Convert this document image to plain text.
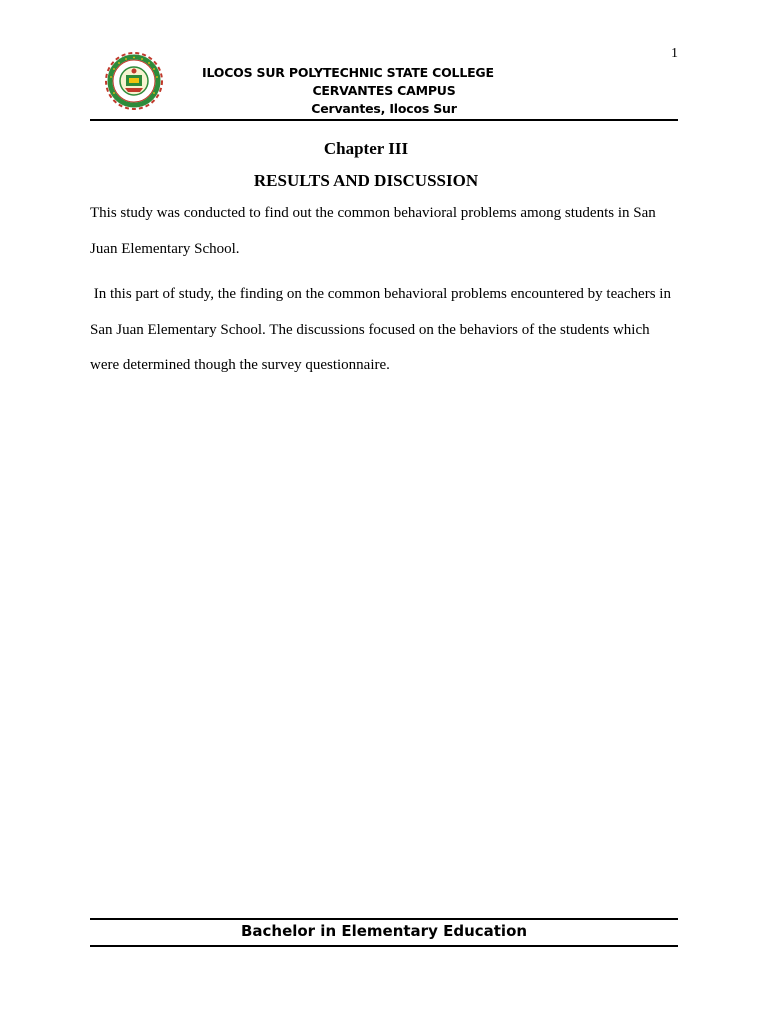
1
ILOCOS SUR POLYTECHNIC STATE COLLEGE
CERVANTES CAMPUS
Cervantes, Ilocos Sur
Chapter III
RESULTS AND DISCUSSION
This study was conducted to find out the common behavioral problems among students in San Juan Elementary School.
In this part of study, the finding on the common behavioral problems encountered by teachers in San Juan Elementary School. The discussions focused on the behaviors of the students which were determined though the survey questionnaire.
Bachelor in Elementary Education
